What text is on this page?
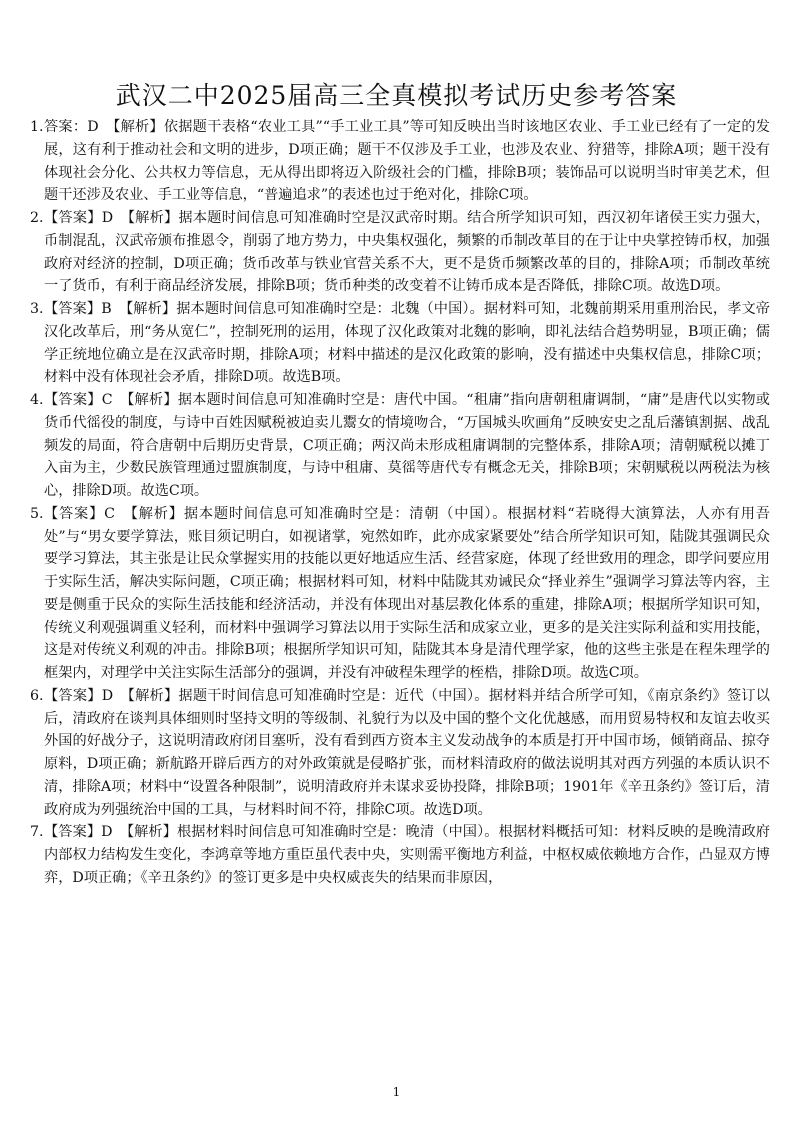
武汉二中2025届高三全真模拟考试历史参考答案
1. 答案：D　【解析】依据题干表格“农业工具”“手工业工具”等可知反映出当时该地区农业、手工业已经有了一定的发展，这有利于推动社会和文明的进步，D项正确；题干不仅涉及手工业，也涉及农业、狩猎等，排除A项；题干没有体现社会分化、公共权力等信息，无从得出即将迈入阶级社会的门槛，排除B项；装饰品可以说明当时审美艺术，但题干还涉及农业、手工业等信息，“普遍追求”的表述也过于绝对化，排除C项。
2. 【答案】D　【解析】据本题时间信息可知准确时空是汉武帝时期。结合所学知识可知，西汉初年诸侯王实力强大，币制混乱，汉武帝颁布推恩令，削弱了地方势力，中央集权强化，频繁的币制改革目的在于让中央掌控铸币权，加强政府对经济的控制，D项正确；货币改革与铁业官营关系不大，更不是货币频繁改革的目的，排除A项；币制改革统一了货币，有利于商品经济发展，排除B项；货币种类的改变着不让铸币成本是否降低，排除C项。故选D项。
3. 【答案】B　【解析】据本题时间信息可知准确时空是：北魏（中国）。据材料可知，北魏前期采用重刑治民，孝文帝汉化改革后，刑“务从宽仁”，控制死刑的运用，体现了汉化政策对北魏的影响，即礼法结合趋势明显，B项正确；儒学正统地位确立是在汉武帝时期，排除A项；材料中描述的是汉化政策的影响，没有描述中央集权信息，排除C项；材料中没有体现社会矛盾，排除D项。故选B项。
4. 【答案】C　【解析】据本题时间信息可知准确时空是：唐代中国。“租庸”指向唐朝租庸调制，“庸”是唐代以实物或货币代徭役的制度，与诗中百姓因赋税被迫卖儿鬻女的情境吻合，“万国城头吹画角”反映安史之乱后藩镇割据、战乱频发的局面，符合唐朝中后期历史背景，C项正确；两汉尚未形成租庸调制的完整体系，排除A项；清朝赋税以摊丁入亩为主，少数民族管理通过盟旗制度，与诗中租庸、莫徭等唐代专有概念无关，排除B项；宋朝赋税以两税法为核心，排除D项。故选C项。
5. 【答案】C　【解析】据本题时间信息可知准确时空是：清朝（中国）。根据材料“若晓得大演算法，人亦有用吾处”与“男女要学算法，账目须记明白，如视诸掌，宛然如昨，此亦成家紧要处”结合所学知识可知，陆陇其强调民众要学习算法，其主张是让民众掌握实用的技能以更好地适应生活、经营家庭，体现了经世致用的理念，即学问要应用于实际生活，解决实际问题，C项正确；根据材料可知，材料中陆陇其劝诫民众“择业养生”强调学习算法等内容，主要是侧重于民众的实际生活技能和经济活动，并没有体现出对基层教化体系的重建，排除A项；根据所学知识可知，传统义利观强调重义轻利，而材料中强调学习算法以用于实际生活和成家立业，更多的是关注实际利益和实用技能，这是对传统义利观的冲击。排除B项；根据所学知识可知，陆陇其本身是清代理学家，他的这些主张是在程朱理学的框架内，对理学中关注实际生活部分的强调，并没有冲破程朱理学的桎梏，排除D项。故选C项。
6. 【答案】D　【解析】据题干时间信息可知准确时空是：近代（中国）。据材料并结合所学可知，《南京条约》签订以后，清政府在谈判具体细则时坚持文明的等级制、礼貌行为以及中国的整个文化优越感，而用贸易特权和友谊去收买外国的好战分子，这说明清政府闭目塞听，没有看到西方资本主义发动战争的本质是打开中国市场，倾销商品、掠夺原料，D项正确；新航路开辟后西方的对外政策就是侵略扩张，而材料清政府的做法说明其对西方列强的本质认识不清，排除A项；材料中“设置各种限制”，说明清政府并未谋求妥协投降，排除B项；1901年《辛丑条约》签订后，清政府成为列强统治中国的工具，与材料时间不符，排除C项。故选D项。
7. 【答案】D　【解析】根据材料时间信息可知准确时空是：晚清（中国）。根据材料概括可知：材料反映的是晚清政府内部权力结构发生变化，李鸿章等地方重臣虽代表中央，实则需平衡地方利益，中枢权威依赖地方合作，凸显双方博弈，D项正确；《辛丑条约》的签订更多是中央权威丧失的结果而非原因，
1
